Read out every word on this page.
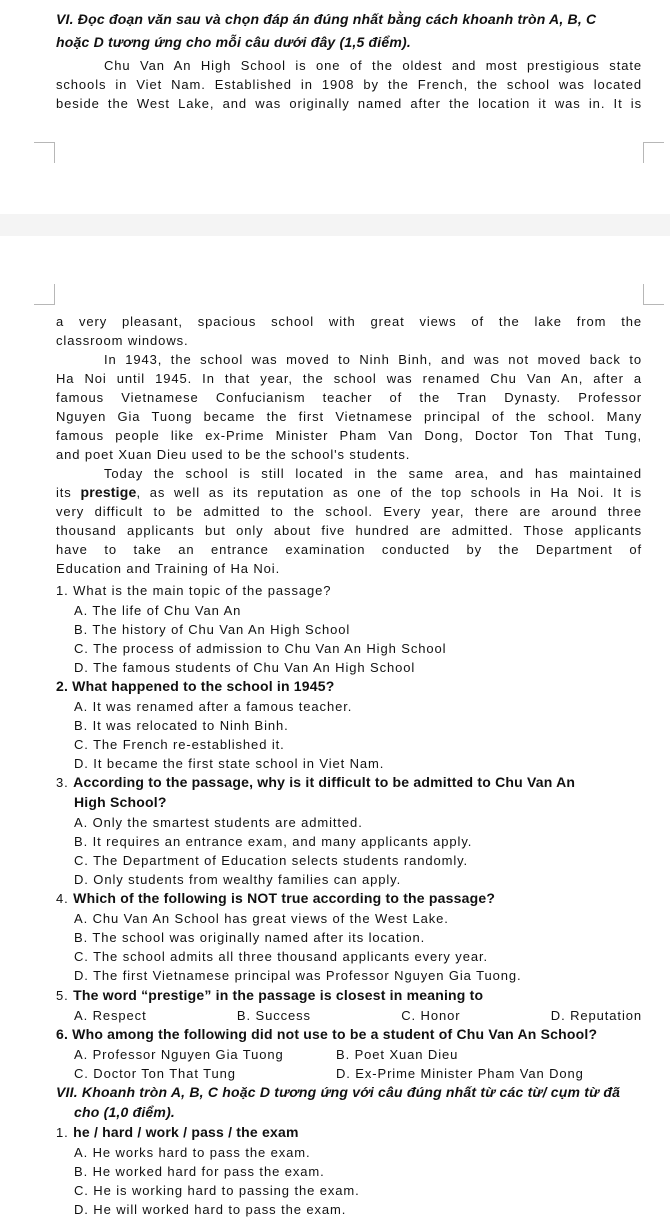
VI. Đọc đoạn văn sau và chọn đáp án đúng nhất bằng cách khoanh tròn A, B, C
hoặc D tương ứng cho mỗi câu dưới đây (1,5 điểm).
Chu Van An High School is one of the oldest and most prestigious state
schools in Viet Nam. Established in 1908 by the French, the school was located
beside the West Lake, and was originally named after the location it was in. It is
a very pleasant, spacious school with great views of the lake from the
classroom windows.
In 1943, the school was moved to Ninh Binh, and was not moved back to
Ha Noi until 1945. In that year, the school was renamed Chu Van An, after a
famous Vietnamese Confucianism teacher of the Tran Dynasty. Professor
Nguyen Gia Tuong became the first Vietnamese principal of the school. Many
famous people like ex-Prime Minister Pham Van Dong, Doctor Ton That Tung,
and poet Xuan Dieu used to be the school's students.
Today the school is still located in the same area, and has maintained
its prestige, as well as its reputation as one of the top schools in Ha Noi. It is
very difficult to be admitted to the school. Every year, there are around three
thousand applicants but only about five hundred are admitted. Those applicants
have to take an entrance examination conducted by the Department of
Education and Training of Ha Noi.
1. What is the main topic of the passage?
A. The life of Chu Van An
B. The history of Chu Van An High School
C. The process of admission to Chu Van An High School
D. The famous students of Chu Van An High School
2. What happened to the school in 1945?
A. It was renamed after a famous teacher.
B. It was relocated to Ninh Binh.
C. The French re-established it.
D. It became the first state school in Viet Nam.
3. According to the passage, why is it difficult to be admitted to Chu Van An
High School?
A. Only the smartest students are admitted.
B. It requires an entrance exam, and many applicants apply.
C. The Department of Education selects students randomly.
D. Only students from wealthy families can apply.
4. Which of the following is NOT true according to the passage?
A. Chu Van An School has great views of the West Lake.
B. The school was originally named after its location.
C. The school admits all three thousand applicants every year.
D. The first Vietnamese principal was Professor Nguyen Gia Tuong.
5. The word “prestige” in the passage is closest in meaning to
A. Respect	B. Success	C. Honor	D. Reputation
6. Who among the following did not use to be a student of Chu Van An School?
A. Professor Nguyen Gia Tuong	B. Poet Xuan Dieu
C. Doctor Ton That Tung	D. Ex-Prime Minister Pham Van Dong
VII. Khoanh tròn A, B, C hoặc D tương ứng với câu đúng nhất từ các từ/ cụm từ đã
cho (1,0 điểm).
1. he / hard / work / pass / the exam
A. He works hard to pass the exam.
B. He worked hard for pass the exam.
C. He is working hard to passing the exam.
D. He will worked hard to pass the exam.
